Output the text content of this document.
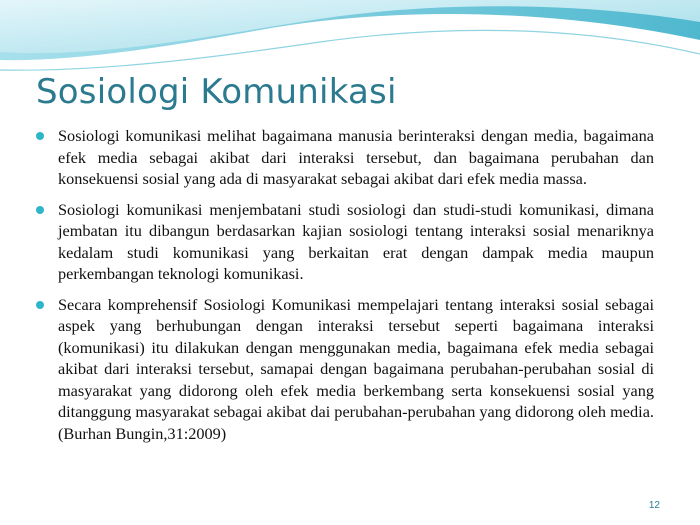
Sosiologi Komunikasi
Sosiologi komunikasi melihat bagaimana manusia berinteraksi dengan media, bagaimana efek media sebagai akibat dari interaksi tersebut, dan bagaimana perubahan dan konsekuensi sosial yang ada di masyarakat sebagai akibat dari efek media massa.
Sosiologi komunikasi menjembatani studi sosiologi dan studi-studi komunikasi, dimana jembatan itu dibangun berdasarkan kajian sosiologi tentang interaksi sosial menariknya kedalam studi komunikasi yang berkaitan erat dengan dampak media maupun perkembangan teknologi komunikasi.
Secara komprehensif Sosiologi Komunikasi mempelajari tentang interaksi sosial sebagai aspek yang berhubungan dengan interaksi tersebut seperti bagaimana interaksi (komunikasi) itu dilakukan dengan menggunakan media, bagaimana efek media sebagai akibat dari interaksi tersebut, samapai dengan bagaimana perubahan-perubahan sosial di masyarakat yang didorong oleh efek media berkembang serta konsekuensi sosial yang ditanggung masyarakat sebagai akibat dai perubahan-perubahan yang didorong oleh media. (Burhan Bungin,31:2009)
12
